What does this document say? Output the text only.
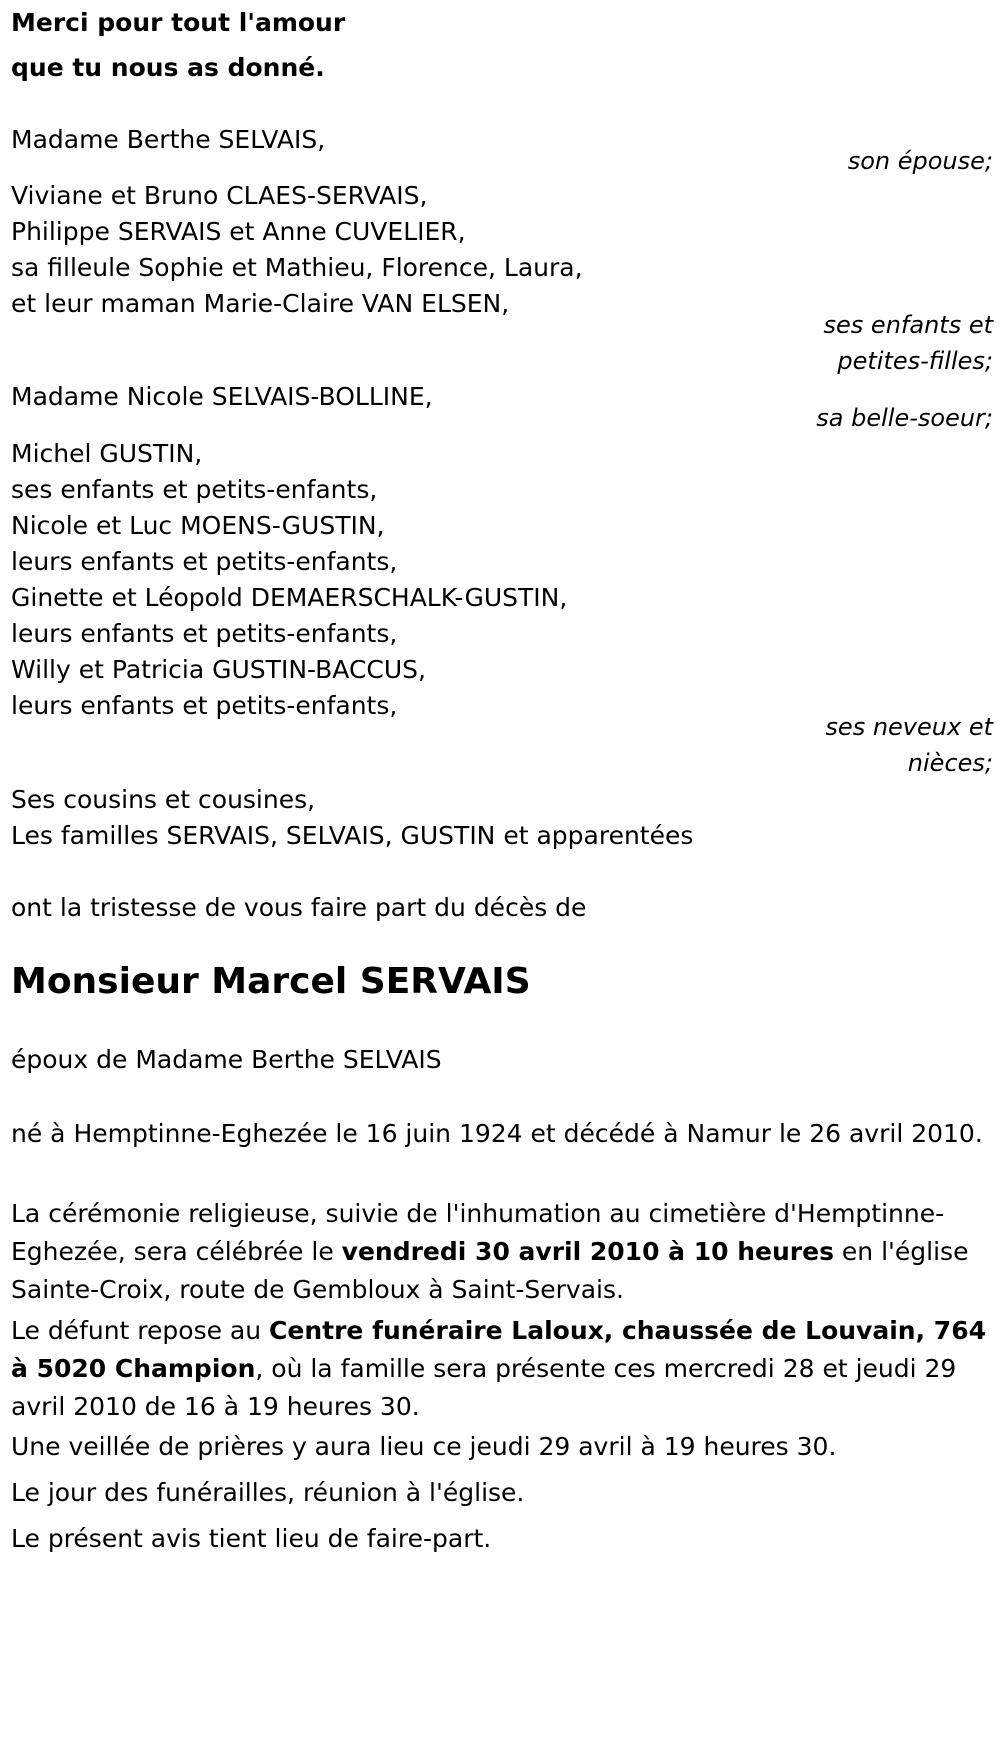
Merci pour tout l'amour
que tu nous as donné.
Madame Berthe SELVAIS,
son épouse;
Viviane et Bruno CLAES-SERVAIS,
Philippe SERVAIS et Anne CUVELIER,
sa filleule Sophie et Mathieu, Florence, Laura,
et leur maman Marie-Claire VAN ELSEN,
ses enfants et
petites-filles;
Madame Nicole SELVAIS-BOLLINE,
sa belle-soeur;
Michel GUSTIN,
ses enfants et petits-enfants,
Nicole et Luc MOENS-GUSTIN,
leurs enfants et petits-enfants,
Ginette et Léopold DEMAERSCHALK-GUSTIN,
leurs enfants et petits-enfants,
Willy et Patricia GUSTIN-BACCUS,
leurs enfants et petits-enfants,
ses neveux et
nièces;
Ses cousins et cousines,
Les familles SERVAIS, SELVAIS, GUSTIN et apparentées
ont la tristesse de vous faire part du décès de
Monsieur Marcel SERVAIS
époux de Madame Berthe SELVAIS
né à Hemptinne-Eghezée le 16 juin 1924 et décédé à Namur le 26 avril 2010.
La cérémonie religieuse, suivie de l'inhumation au cimetière d'Hemptinne-Eghezée, sera célébrée le vendredi 30 avril 2010 à 10 heures en l'église Sainte-Croix, route de Gembloux à Saint-Servais.
Le défunt repose au Centre funéraire Laloux, chaussée de Louvain, 764 à 5020 Champion, où la famille sera présente ces mercredi 28 et jeudi 29 avril 2010 de 16 à 19 heures 30.
Une veillée de prières y aura lieu ce jeudi 29 avril à 19 heures 30.
Le jour des funérailles, réunion à l'église.
Le présent avis tient lieu de faire-part.
